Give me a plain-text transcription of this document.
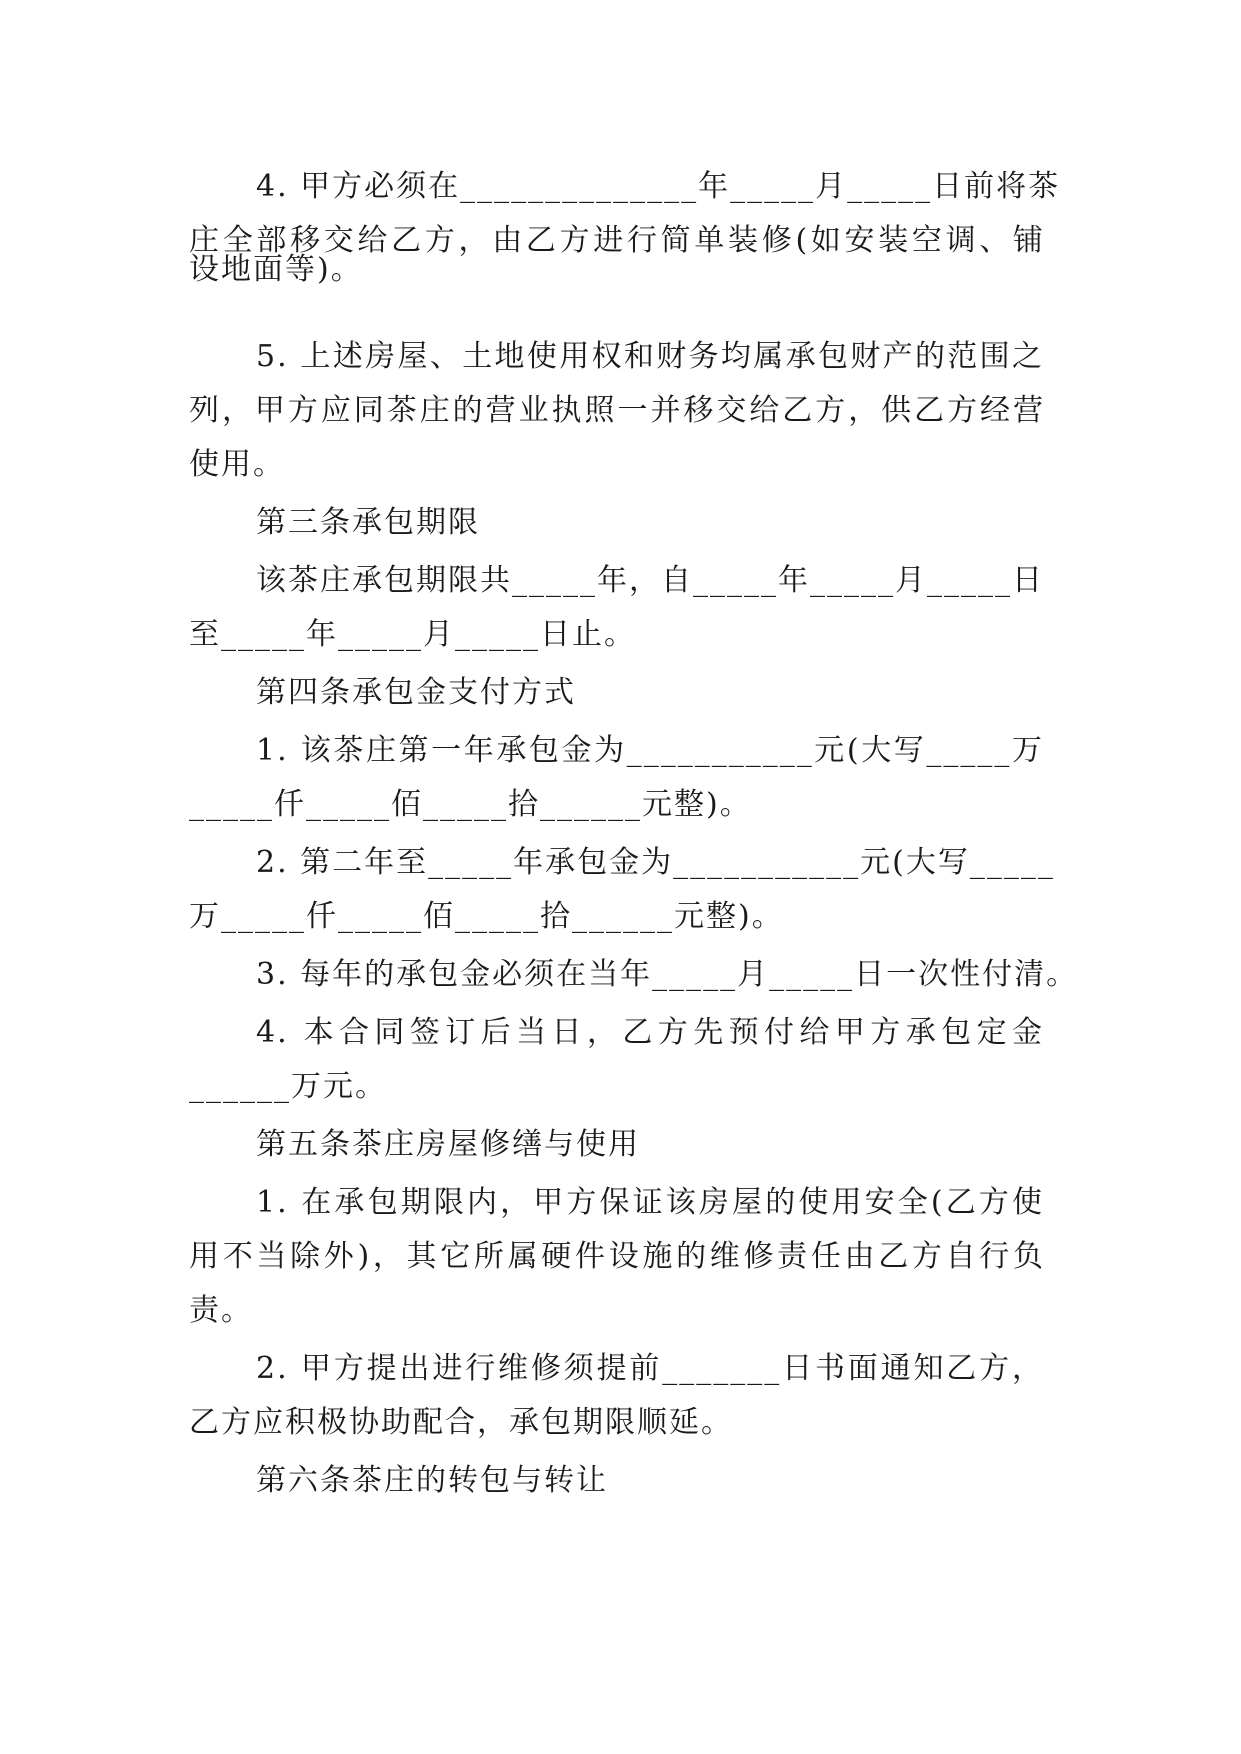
4. 甲方必须在______________年_____月_____日前将茶
庄全部移交给乙方，由乙方进行简单装修(如安装空调、铺
设地面等)。
5. 上述房屋、土地使用权和财务均属承包财产的范围之
列，甲方应同茶庄的营业执照一并移交给乙方，供乙方经营
使用。
第三条承包期限
该茶庄承包期限共_____年，自_____年_____月_____日
至_____年_____月_____日止。
第四条承包金支付方式
1. 该茶庄第一年承包金为___________元(大写_____万
_____仟_____佰_____拾______元整)。
2. 第二年至_____年承包金为___________元(大写_____
万_____仟_____佰_____拾______元整)。
3. 每年的承包金必须在当年_____月_____日一次性付清。
4. 本合同签订后当日，乙方先预付给甲方承包定金
______万元。
第五条茶庄房屋修缮与使用
1. 在承包期限内，甲方保证该房屋的使用安全(乙方使
用不当除外)，其它所属硬件设施的维修责任由乙方自行负
责。
2. 甲方提出进行维修须提前_______日书面通知乙方，
乙方应积极协助配合，承包期限顺延。
第六条茶庄的转包与转让
